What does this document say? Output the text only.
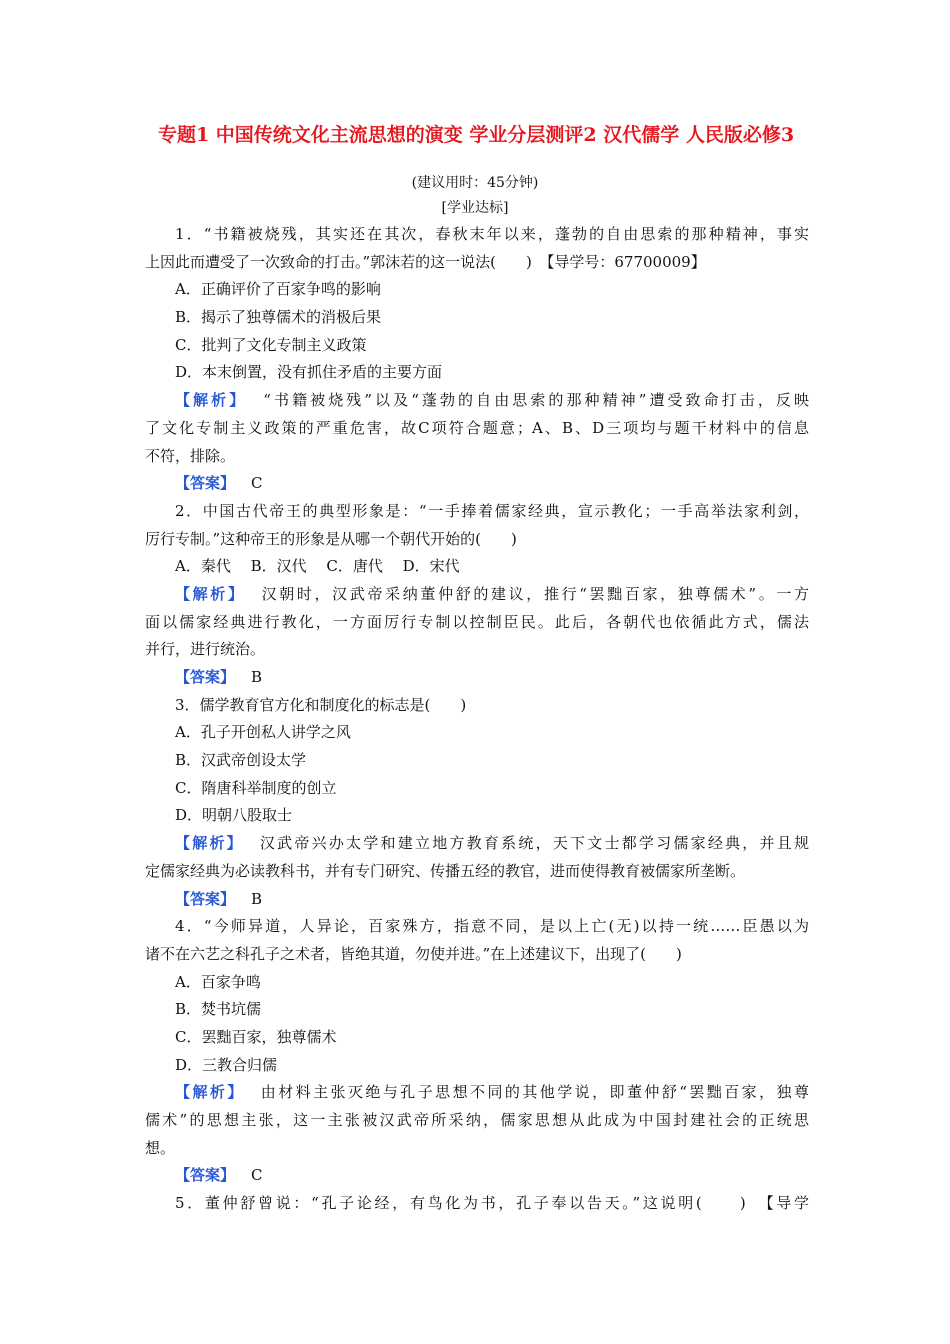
专题1 中国传统文化主流思想的演变 学业分层测评2 汉代儒学 人民版必修3
(建议用时：45分钟)
[学业达标]
1．“书籍被烧残，其实还在其次，春秋末年以来，蓬勃的自由思索的那种精神，事实
上因此而遭受了一次致命的打击。”郭沫若的这一说法(　　)　【导学号：67700009】
A．正确评价了百家争鸣的影响
B．揭示了独尊儒术的消极后果
C．批判了文化专制主义政策
D．本末倒置，没有抓住矛盾的主要方面
【解析】 “书籍被烧残”以及“蓬勃的自由思索的那种精神”遭受致命打击，反映
了文化专制主义政策的严重危害，故C项符合题意；A、B、D三项均与题干材料中的信息
不符，排除。
【答案】 C
2．中国古代帝王的典型形象是：“一手捧着儒家经典，宣示教化；一手高举法家利剑，
厉行专制。”这种帝王的形象是从哪一个朝代开始的(　　)
A．秦代　 B．汉代　 C．唐代　 D．宋代
【解析】 汉朝时，汉武帝采纳董仲舒的建议，推行“罢黜百家，独尊儒术”。一方
面以儒家经典进行教化，一方面厉行专制以控制臣民。此后，各朝代也依循此方式，儒法
并行，进行统治。
【答案】 B
3．儒学教育官方化和制度化的标志是(　　)
A．孔子开创私人讲学之风
B．汉武帝创设太学
C．隋唐科举制度的创立
D．明朝八股取士
【解析】 汉武帝兴办太学和建立地方教育系统，天下文士都学习儒家经典，并且规
定儒家经典为必读教科书，并有专门研究、传播五经的教官，进而使得教育被儒家所垄断。
【答案】 B
4．“今师异道，人异论，百家殊方，指意不同，是以上亡(无)以持一统……臣愚以为
诸不在六艺之科孔子之术者，皆绝其道，勿使并进。”在上述建议下，出现了(　　)
A．百家争鸣
B．焚书坑儒
C．罢黜百家，独尊儒术
D．三教合归儒
【解析】 由材料主张灭绝与孔子思想不同的其他学说，即董仲舒“罢黜百家，独尊
儒术”的思想主张，这一主张被汉武帝所采纳，儒家思想从此成为中国封建社会的正统思
想。
【答案】 C
5．董仲舒曾说：“孔子论经，有鸟化为书，孔子奉以告天。”这说明(　　)　【导学
